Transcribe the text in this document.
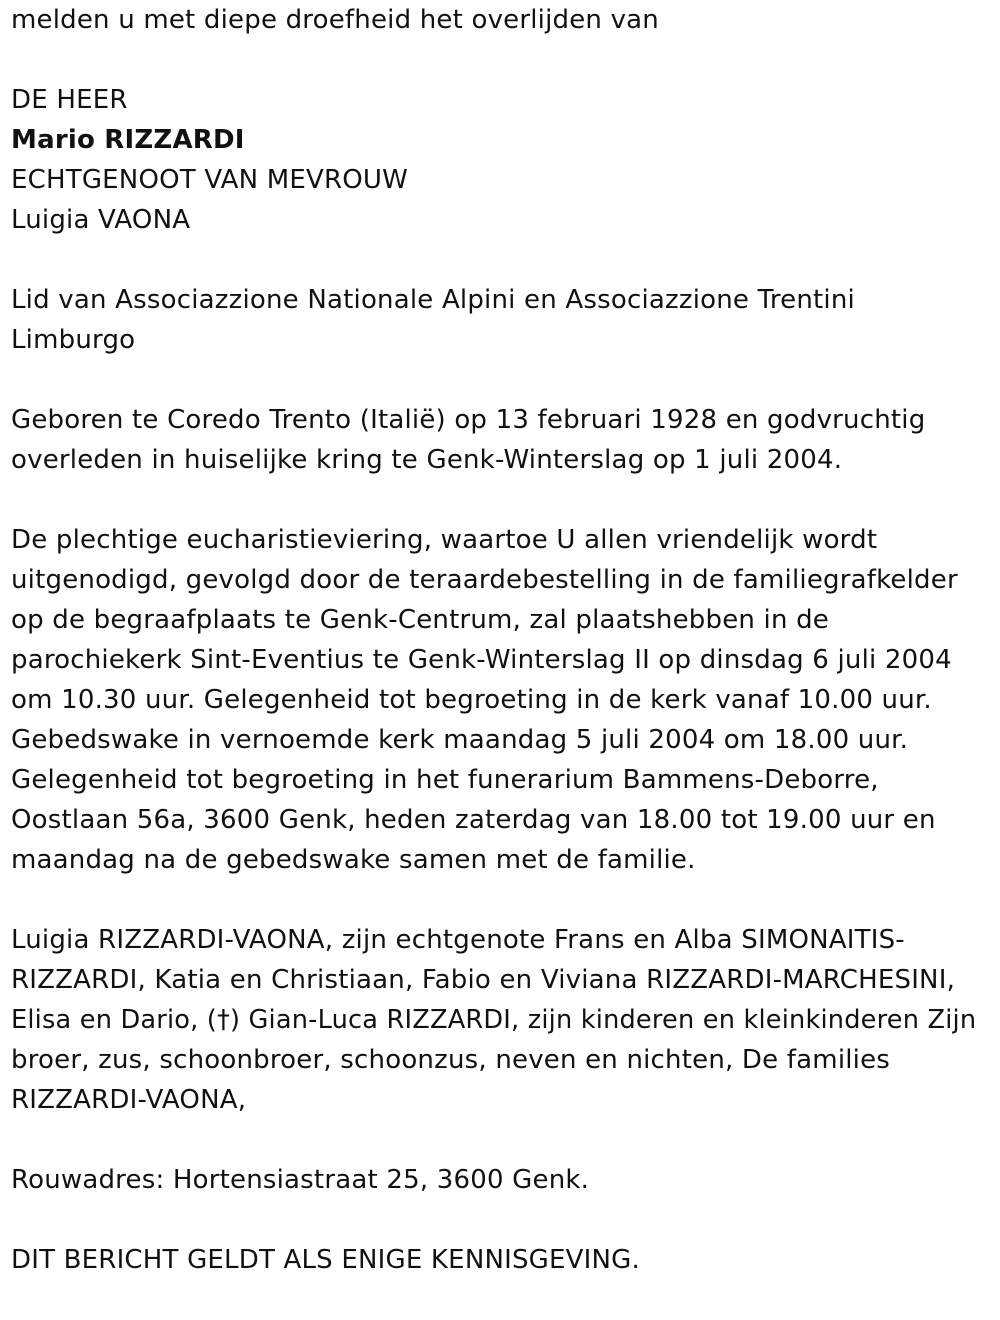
melden u met diepe droefheid het overlijden van

DE HEER
Mario RIZZARDI
ECHTGENOOT VAN MEVROUW
Luigia VAONA

Lid van Associazzione Nationale Alpini en Associazzione Trentini
Limburgo

Geboren te Coredo Trento (Italië) op 13 februari 1928 en godvruchtig
overleden in huiselijke kring te Genk-Winterslag op 1 juli 2004.

De plechtige eucharistieviering, waartoe U allen vriendelijk wordt
uitgenodigd, gevolgd door de teraardebestelling in de familiegrafkelder
op de begraafplaats te Genk-Centrum, zal plaatshebben in de
parochiekerk Sint-Eventius te Genk-Winterslag II op dinsdag 6 juli 2004
om 10.30 uur. Gelegenheid tot begroeting in de kerk vanaf 10.00 uur.
Gebedswake in vernoemde kerk maandag 5 juli 2004 om 18.00 uur.
Gelegenheid tot begroeting in het funerarium Bammens-Deborre,
Oostlaan 56a, 3600 Genk, heden zaterdag van 18.00 tot 19.00 uur en
maandag na de gebedswake samen met de familie.

Luigia RIZZARDI-VAONA, zijn echtgenote Frans en Alba SIMONAITIS-
RIZZARDI, Katia en Christiaan, Fabio en Viviana RIZZARDI-MARCHESINI,
Elisa en Dario, (†) Gian-Luca RIZZARDI, zijn kinderen en kleinkinderen Zijn
broer, zus, schoonbroer, schoonzus, neven en nichten, De families
RIZZARDI-VAONA,

Rouwadres: Hortensiastraat 25, 3600 Genk.

DIT BERICHT GELDT ALS ENIGE KENNISGEVING.
